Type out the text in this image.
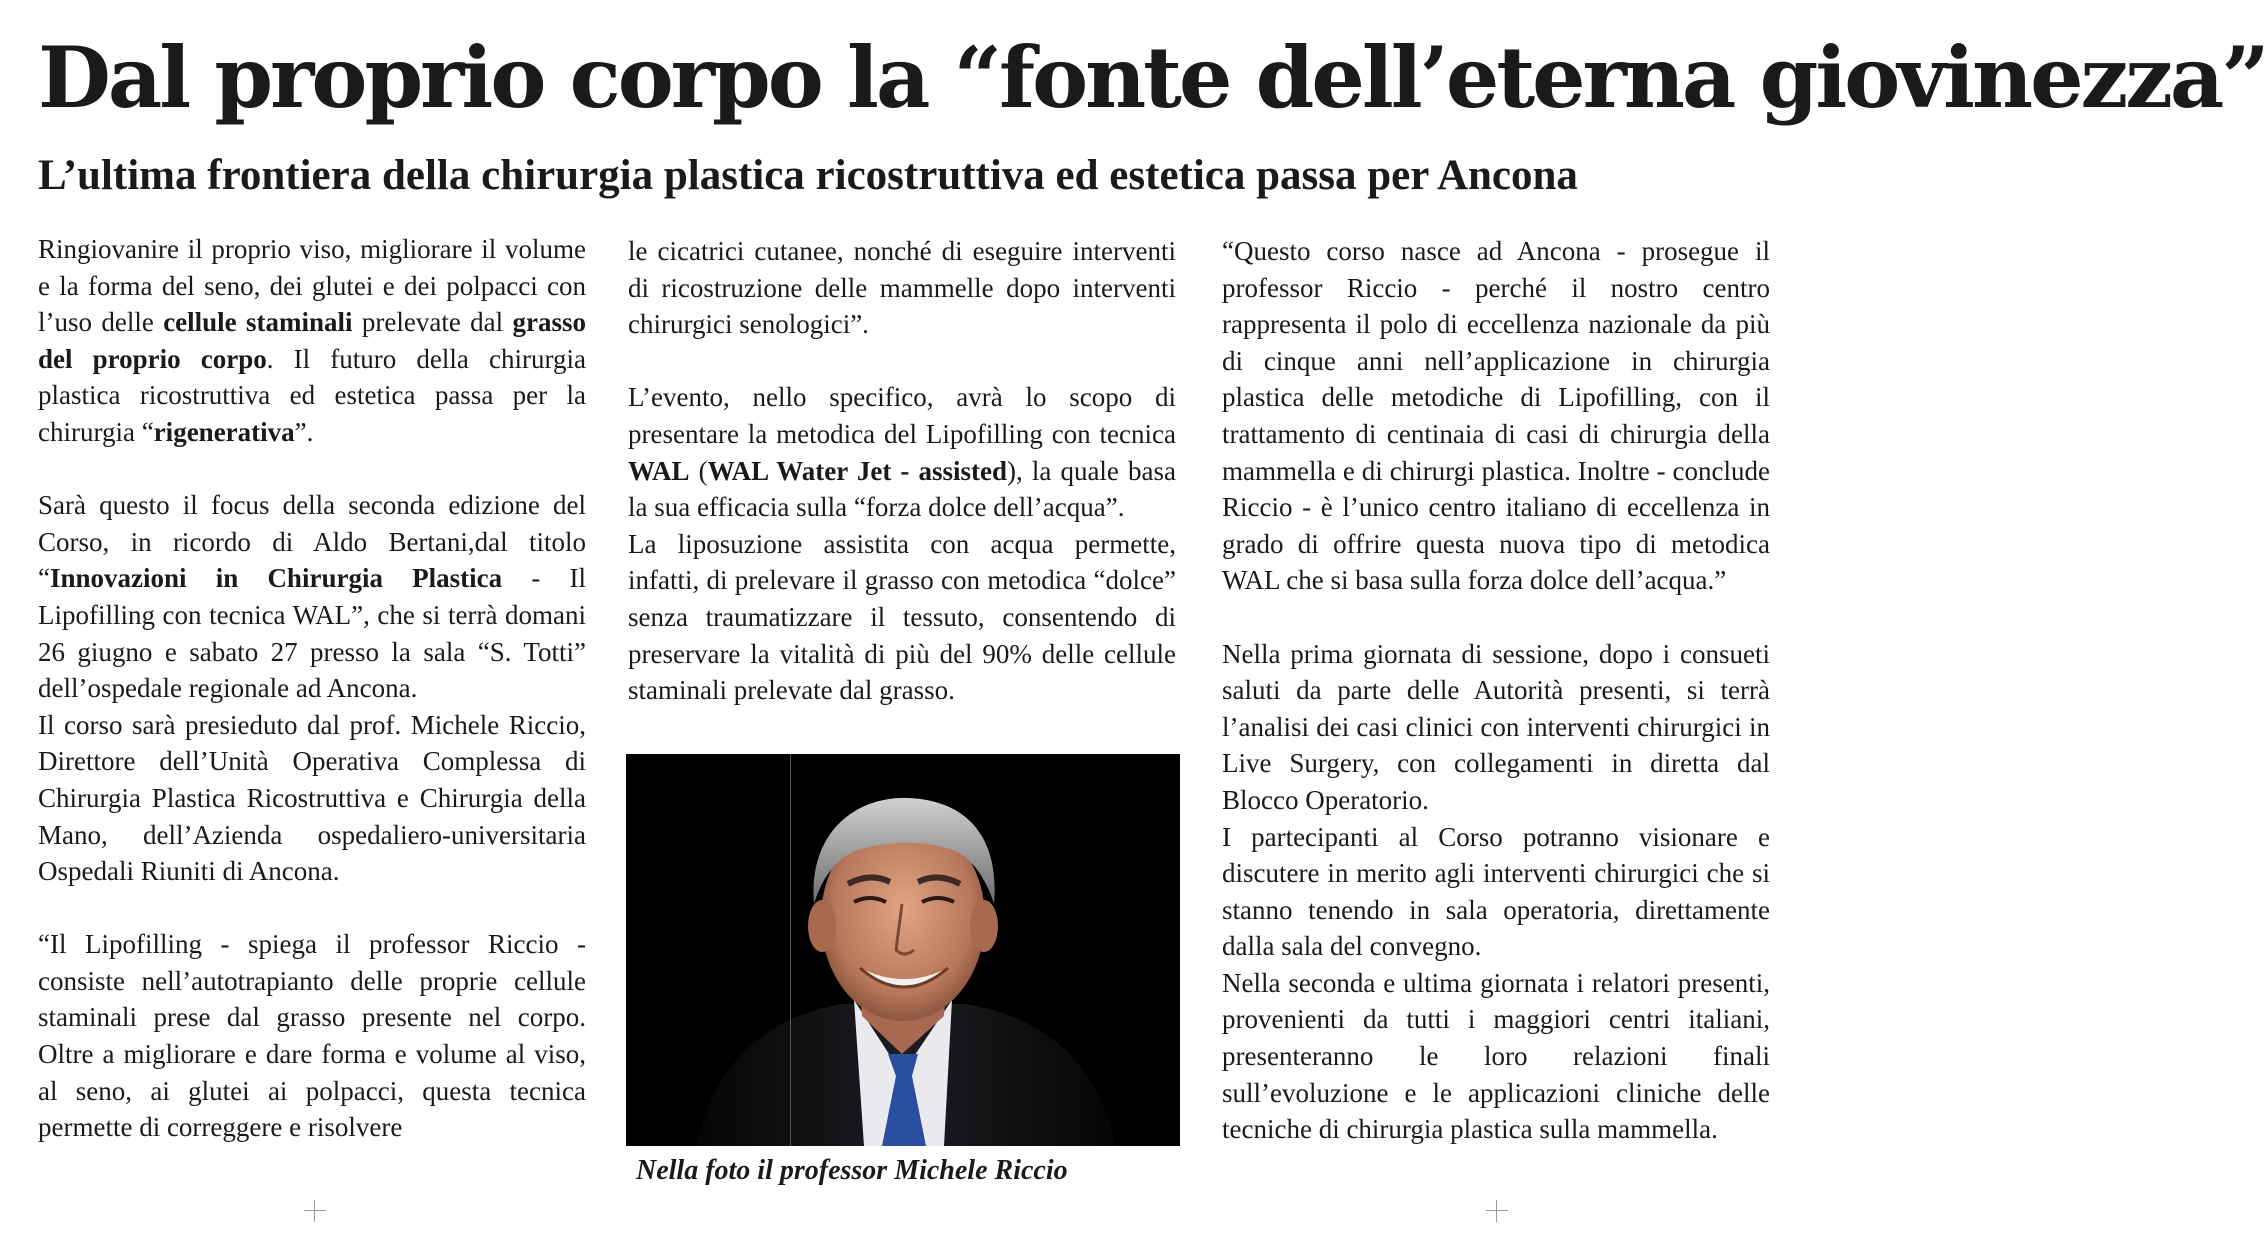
Dal proprio corpo la “fonte dell’eterna giovinezza”
L’ultima frontiera della chirurgia plastica ricostruttiva ed estetica passa per Ancona

Ringiovanire il proprio viso, migliorare il volume e la forma del seno, dei glutei e dei polpacci con l’uso delle cellule staminali prelevate dal grasso del proprio corpo. Il futuro della chirurgia plastica ricostruttiva ed estetica passa per la chirurgia “rigenerativa”.

Sarà questo il focus della seconda edizione del Corso, in ricordo di Aldo Bertani,dal titolo “Innovazioni in Chirurgia Plastica - Il Lipofilling con tecnica WAL”, che si terrà domani 26 giugno e sabato 27 presso la sala “S. Totti” dell’ospedale regionale ad Ancona.

Il corso sarà presieduto dal prof. Michele Riccio, Direttore dell’Unità Operativa Complessa di Chirurgia Plastica Ricostruttiva e Chirurgia della Mano, dell’Azienda ospedaliero-universitaria Ospedali Riuniti di Ancona.

“Il Lipofilling - spiega il professor Riccio - consiste nell’autotrapianto delle proprie cellule staminali prese dal grasso presente nel corpo. Oltre a migliorare e dare forma e volume al viso, al seno, ai glutei ai polpacci, questa tecnica permette di correggere e risolvere

le cicatrici cutanee, nonché di eseguire interventi di ricostruzione delle mammelle dopo interventi chirurgici senologici”.

L’evento, nello specifico, avrà lo scopo di presentare la metodica del Lipofilling con tecnica WAL (WAL Water Jet - assisted), la quale basa la sua efficacia sulla “forza dolce dell’acqua”.

La liposuzione assistita con acqua permette, infatti, di prelevare il grasso con metodica “dolce” senza traumatizzare il tessuto, consentendo di preservare la vitalità di più del 90% delle cellule staminali prelevate dal grasso.

Nella foto il professor Michele Riccio

“Questo corso nasce ad Ancona - prosegue il professor Riccio - perché il nostro centro rappresenta il polo di eccellenza nazionale da più di cinque anni nell’applicazione in chirurgia plastica delle metodiche di Lipofilling, con il trattamento di centinaia di casi di chirurgia della mammella e di chirurgi plastica. Inoltre - conclude Riccio - è l’unico centro italiano di eccellenza in grado di offrire questa nuova tipo di metodica WAL che si basa sulla forza dolce dell’acqua.”

Nella prima giornata di sessione, dopo i consueti saluti da parte delle Autorità presenti, si terrà l’analisi dei casi clinici con interventi chirurgici in Live Surgery, con collegamenti in diretta dal Blocco Operatorio.

I partecipanti al Corso potranno visionare e discutere in merito agli interventi chirurgici che si stanno tenendo in sala operatoria, direttamente dalla sala del convegno.

Nella seconda e ultima giornata i relatori presenti, provenienti da tutti i maggiori centri italiani, presenteranno le loro relazioni finali sull’evoluzione e le applicazioni cliniche delle tecniche di chirurgia plastica sulla mammella.
